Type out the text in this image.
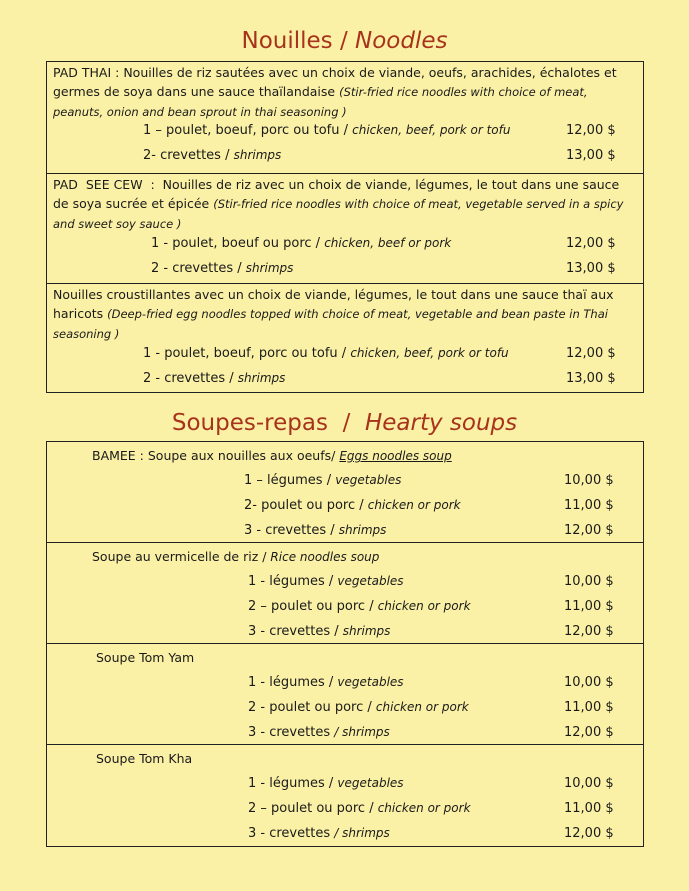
Nouilles / Noodles
PAD THAI : Nouilles de riz sautées avec un choix de viande, oeufs, arachides, échalotes et germes de soya dans une sauce thaïlandaise (Stir-fried rice noodles with choice of meat, peanuts, onion and bean sprout in thai seasoning )
1 – poulet, boeuf, porc ou tofu / chicken, beef, pork or tofu	12,00 $
2- crevettes / shrimps	13,00 $
PAD  SEE CEW  :  Nouilles de riz avec un choix de viande, légumes, le tout dans une sauce de soya sucrée et épicée (Stir-fried rice noodles with choice of meat, vegetable served in a spicy and sweet soy sauce )
1 - poulet, boeuf ou porc / chicken, beef or pork	12,00 $
2 - crevettes / shrimps	13,00 $
Nouilles croustillantes avec un choix de viande, légumes, le tout dans une sauce thaï aux haricots (Deep-fried egg noodles topped with choice of meat, vegetable and bean paste in Thai seasoning )
1 - poulet, boeuf, porc ou tofu / chicken, beef, pork or tofu	12,00 $
2 - crevettes / shrimps	13,00 $
Soupes-repas  /  Hearty soups
BAMEE : Soupe aux nouilles aux oeufs/ Eggs noodles soup
1 – légumes / vegetables	10,00 $
2- poulet ou porc / chicken or pork	11,00 $
3 - crevettes / shrimps	12,00 $
Soupe au vermicelle de riz / Rice noodles soup
1 - légumes / vegetables	10,00 $
2 – poulet ou porc / chicken or pork	11,00 $
3 - crevettes / shrimps	12,00 $
Soupe Tom Yam
1 - légumes / vegetables	10,00 $
2 - poulet ou porc / chicken or pork	11,00 $
3 - crevettes / shrimps	12,00 $
Soupe Tom Kha
1 - légumes / vegetables	10,00 $
2 – poulet ou porc / chicken or pork	11,00 $
3 - crevettes / shrimps	12,00 $
